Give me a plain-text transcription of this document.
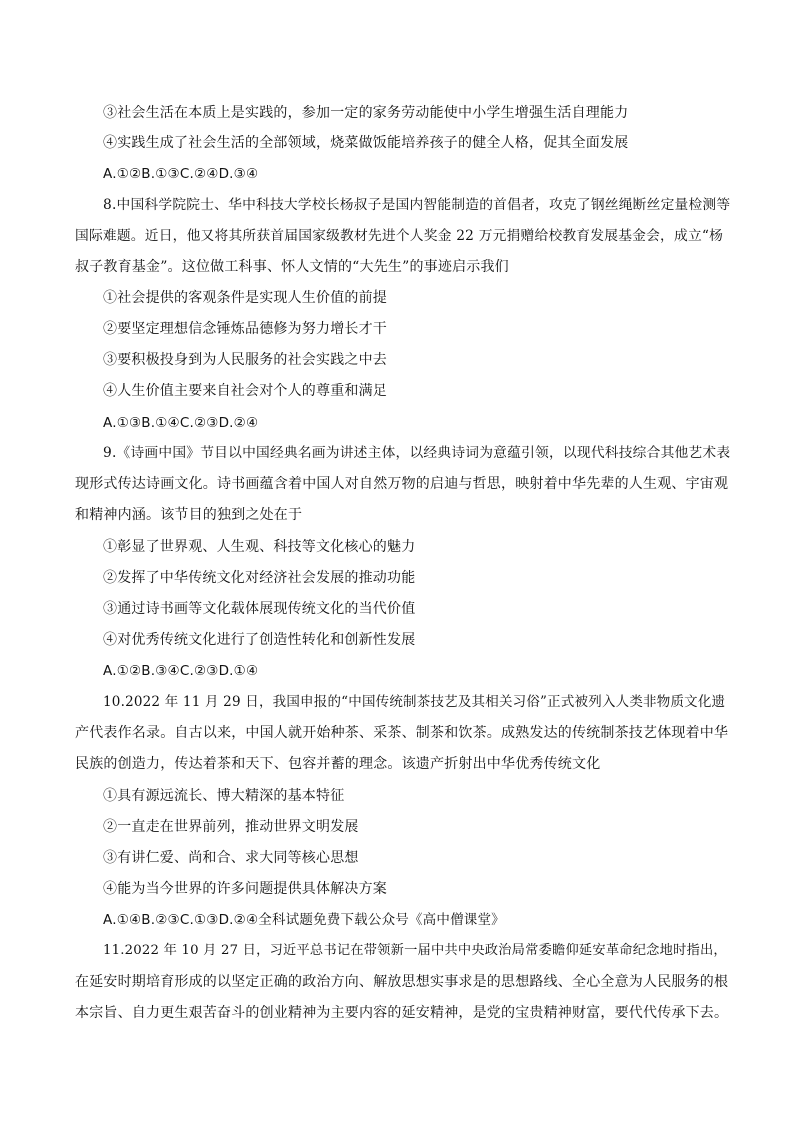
③社会生活在本质上是实践的，参加一定的家务劳动能使中小学生增强生活自理能力
④实践生成了社会生活的全部领域，烧菜做饭能培养孩子的健全人格，促其全面发展
A.①②B.①③C.②④D.③④
8.中国科学院院士、华中科技大学校长杨叔子是国内智能制造的首倡者，攻克了钢丝绳断丝定量检测等
国际难题。近日，他又将其所获首届国家级教材先进个人奖金 22 万元捐赠给校教育发展基金会，成立“杨
叔子教育基金”。这位做工科事、怀人文情的“大先生”的事迹启示我们
①社会提供的客观条件是实现人生价值的前提
②要坚定理想信念锤炼品德修为努力增长才干
③要积极投身到为人民服务的社会实践之中去
④人生价值主要来自社会对个人的尊重和满足
A.①③B.①④C.②③D.②④
9.《诗画中国》节目以中国经典名画为讲述主体，以经典诗词为意蕴引领，以现代科技综合其他艺术表
现形式传达诗画文化。诗书画蕴含着中国人对自然万物的启迪与哲思，映射着中华先辈的人生观、宇宙观
和精神内涵。该节目的独到之处在于
①彰显了世界观、人生观、科技等文化核心的魅力
②发挥了中华传统文化对经济社会发展的推动功能
③通过诗书画等文化载体展现传统文化的当代价值
④对优秀传统文化进行了创造性转化和创新性发展
A.①②B.③④C.②③D.①④
10.2022 年 11 月 29 日，我国申报的“中国传统制茶技艺及其相关习俗”正式被列入人类非物质文化遗
产代表作名录。自古以来，中国人就开始种茶、采茶、制茶和饮茶。成熟发达的传统制茶技艺体现着中华
民族的创造力，传达着茶和天下、包容并蓄的理念。该遗产折射出中华优秀传统文化
①具有源远流长、博大精深的基本特征
②一直走在世界前列，推动世界文明发展
③有讲仁爱、尚和合、求大同等核心思想
④能为当今世界的许多问题提供具体解决方案
A.①④B.②③C.①③D.②④全科试题免费下载公众号《高中僧课堂》
11.2022 年 10 月 27 日，习近平总书记在带领新一届中共中央政治局常委瞻仰延安革命纪念地时指出，
在延安时期培育形成的以坚定正确的政治方向、解放思想实事求是的思想路线、全心全意为人民服务的根
本宗旨、自力更生艰苦奋斗的创业精神为主要内容的延安精神，是党的宝贵精神财富，要代代传承下去。
